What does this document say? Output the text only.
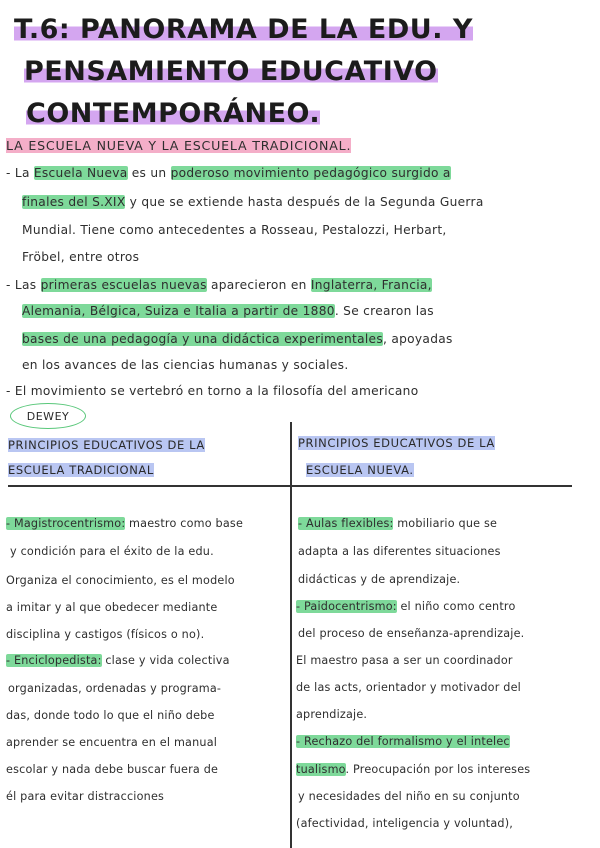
T.6: PANORAMA DE LA EDU. Y
PENSAMIENTO EDUCATIVO
CONTEMPORÁNEO.
LA ESCUELA NUEVA Y LA ESCUELA TRADICIONAL.
- La Escuela Nueva es un poderoso movimiento pedagógico surgido a
finales del S.XIX y que se extiende hasta después de la Segunda Guerra
Mundial. Tiene como antecedentes a Rosseau, Pestalozzi, Herbart,
Fröbel, entre otros
- Las primeras escuelas nuevas aparecieron en Inglaterra, Francia,
Alemania, Bélgica, Suiza e Italia a partir de 1880. Se crearon las
bases de una pedagogía y una didáctica experimentales, apoyadas
en los avances de las ciencias humanas y sociales.
- El movimiento se vertebró en torno a la filosofía del americano
DEWEY
PRINCIPIOS EDUCATIVOS DE LA
ESCUELA TRADICIONAL
PRINCIPIOS EDUCATIVOS DE LA
ESCUELA NUEVA.
- Magistrocentrismo: maestro como base
y condición para el éxito de la edu.
Organiza el conocimiento, es el modelo
a imitar y al que obedecer mediante
disciplina y castigos (físicos o no).
- Enciclopedista: clase y vida colectiva
organizadas, ordenadas y programa-
das, donde todo lo que el niño debe
aprender se encuentra en el manual
escolar y nada debe buscar fuera de
él para evitar distracciones
- Aulas flexibles: mobiliario que se
adapta a las diferentes situaciones
didácticas y de aprendizaje.
- Paidocentrismo: el niño como centro
del proceso de enseñanza-aprendizaje.
El maestro pasa a ser un coordinador
de las acts, orientador y motivador del
aprendizaje.
- Rechazo del formalismo y el intelec
tualismo. Preocupación por los intereses
y necesidades del niño en su conjunto
(afectividad, inteligencia y voluntad),
